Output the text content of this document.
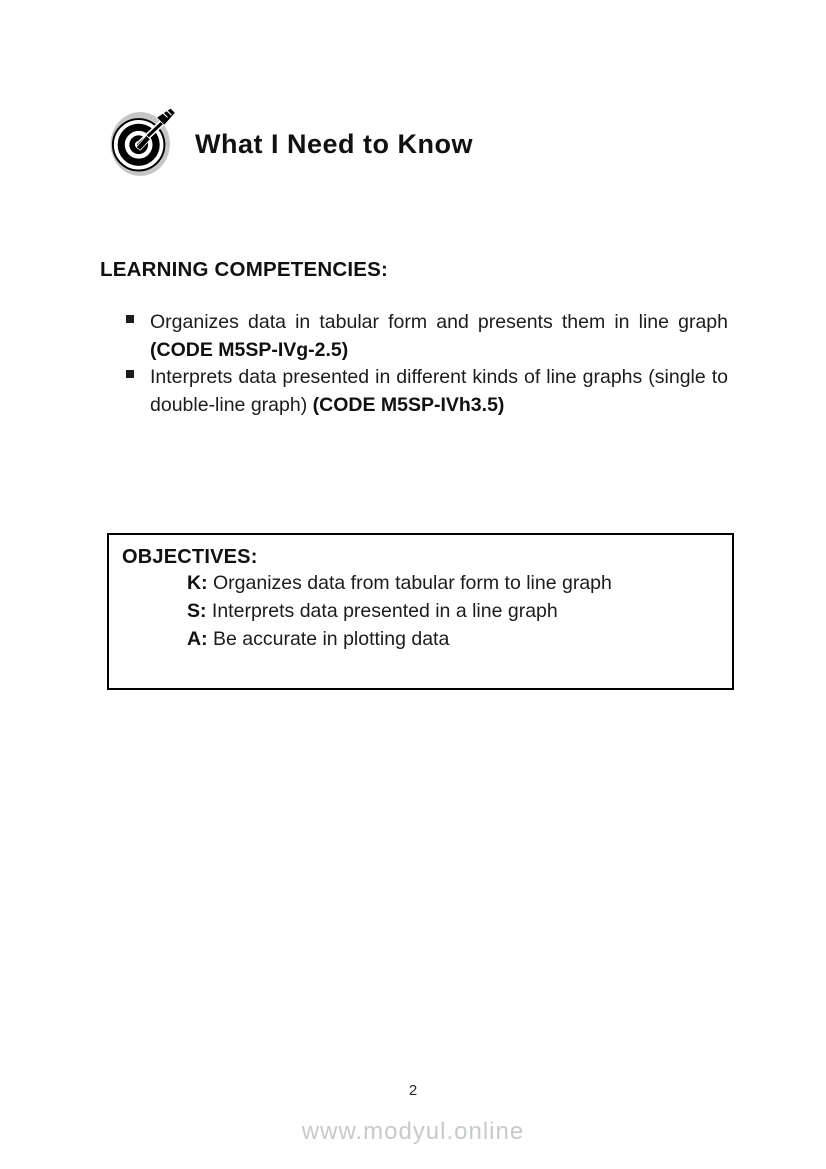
What I Need to Know
LEARNING COMPETENCIES:
Organizes data in tabular form and presents them in line graph (CODE M5SP-IVg-2.5)
Interprets data presented in different kinds of line graphs (single to double-line graph) (CODE M5SP-IVh3.5)
OBJECTIVES:
K: Organizes data from tabular form to line graph
S: Interprets data presented in a line graph
A: Be accurate in plotting data
2
www.modyul.online
